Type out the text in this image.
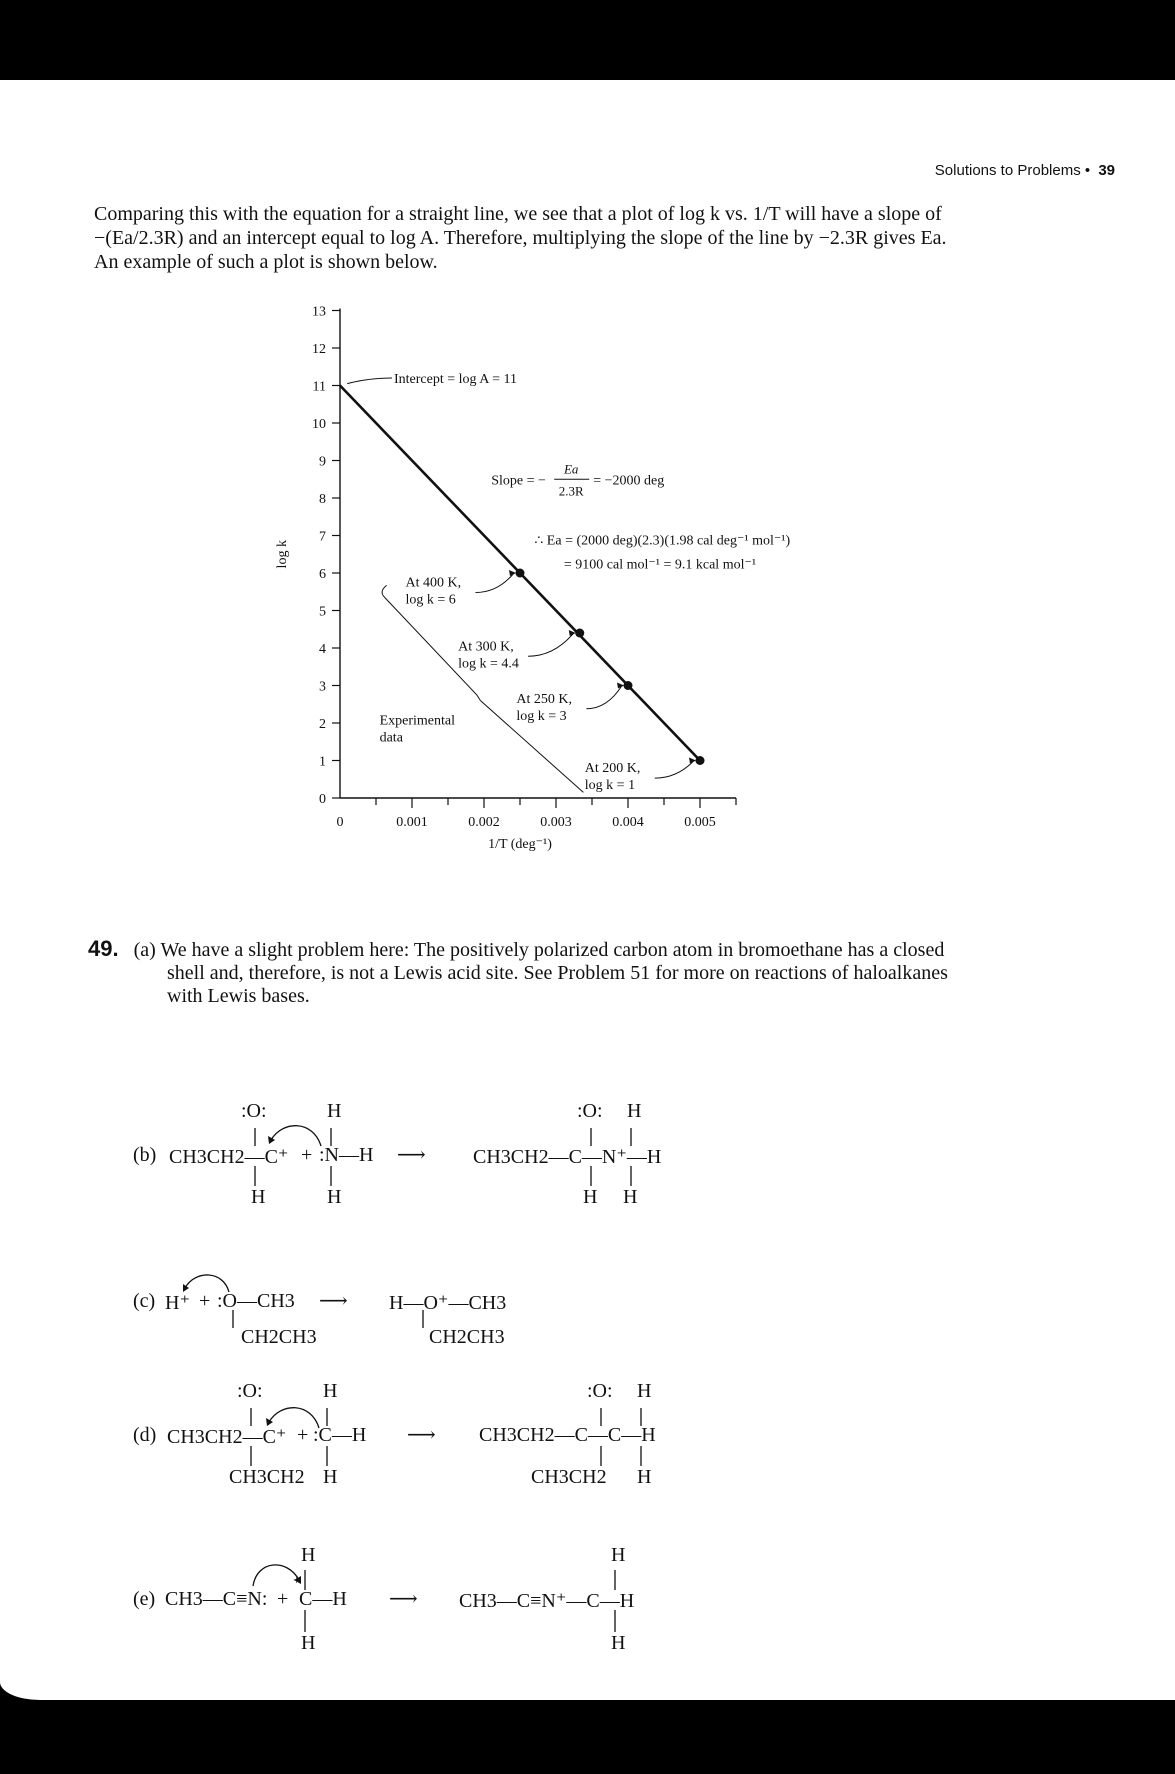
Solutions to Problems • 39
Comparing this with the equation for a straight line, we see that a plot of log k vs. 1/T will have a slope of
−(Ea/2.3R) and an intercept equal to log A. Therefore, multiplying the slope of the line by −2.3R gives Ea.
An example of such a plot is shown below.
0
1
2
3
4
5
6
7
8
9
10
11
12
13
0	0.001	0.002	0.003	0.004	0.005
1/T (deg⁻¹)
log k
Intercept = log A = 11
Slope = −
Ea
2.3R
= −2000 deg
∴ Ea = (2000 deg)(2.3)(1.98 cal deg⁻¹ mol⁻¹)
= 9100 cal mol⁻¹ = 9.1 kcal mol⁻¹
At 400 K,
log k = 6
At 300 K,
log k = 4.4
At 250 K,
log k = 3
At 200 K,
log k = 1
Experimental
data
49. (a) We have a slight problem here: The positively polarized carbon atom in bromoethane has a closed
shell and, therefore, is not a Lewis acid site. See Problem 51 for more on reactions of haloalkanes
with Lewis bases.
(b) CH3CH2—C⁺
:O:
H
+ :N—H
H
H
⟶ CH3CH2—C—N⁺—H
:O: H
H H
(c) H⁺ + :O—CH3
CH2CH3
⟶ H—O⁺—CH3
CH2CH3
(d) CH3CH2—C⁺
:O:
CH3CH2
+ :C—H
H
H
⟶ CH3CH2—C—C—H
:O: H
CH3CH2 H
(e) CH3—C≡N: + C—H
H
H
⟶ CH3—C≡N⁺—C—H
H
H
+
